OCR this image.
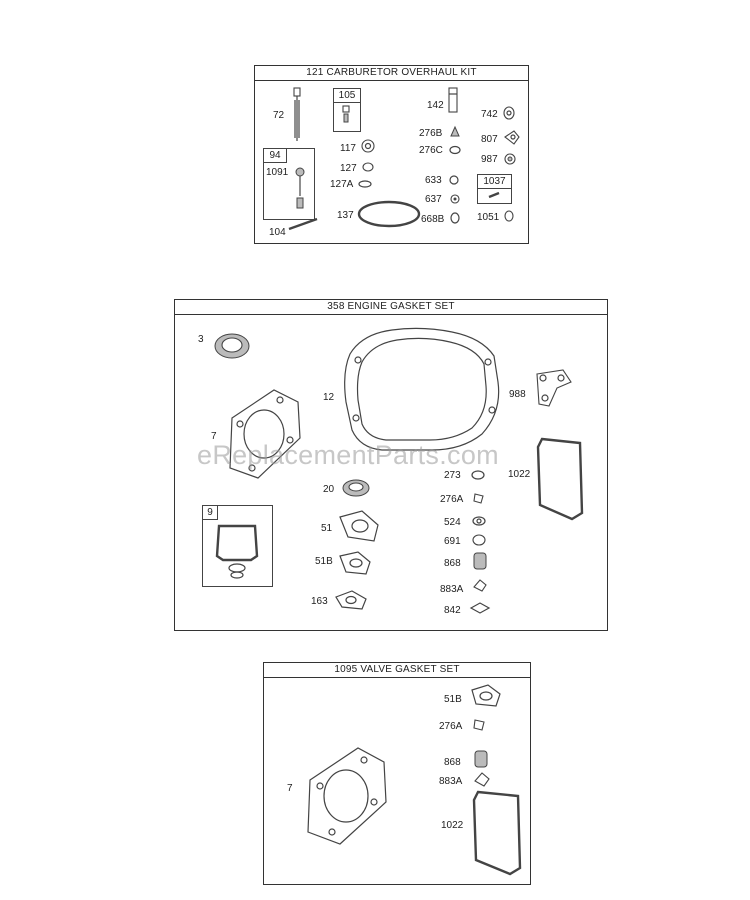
121 CARBURETOR OVERHAUL KIT
94
105
1037
72
1091
104
117
127
127A
137
142
276B
276C
633
637
668B
742
807
987
1051
358 ENGINE GASKET SET
9
3
12	988
7
1022
273
276A
20
524
51
691
51B	868
883A
163
842
1095 VALVE GASKET SET
51B
276A
868
883A
7
1022
eReplacementParts.com
